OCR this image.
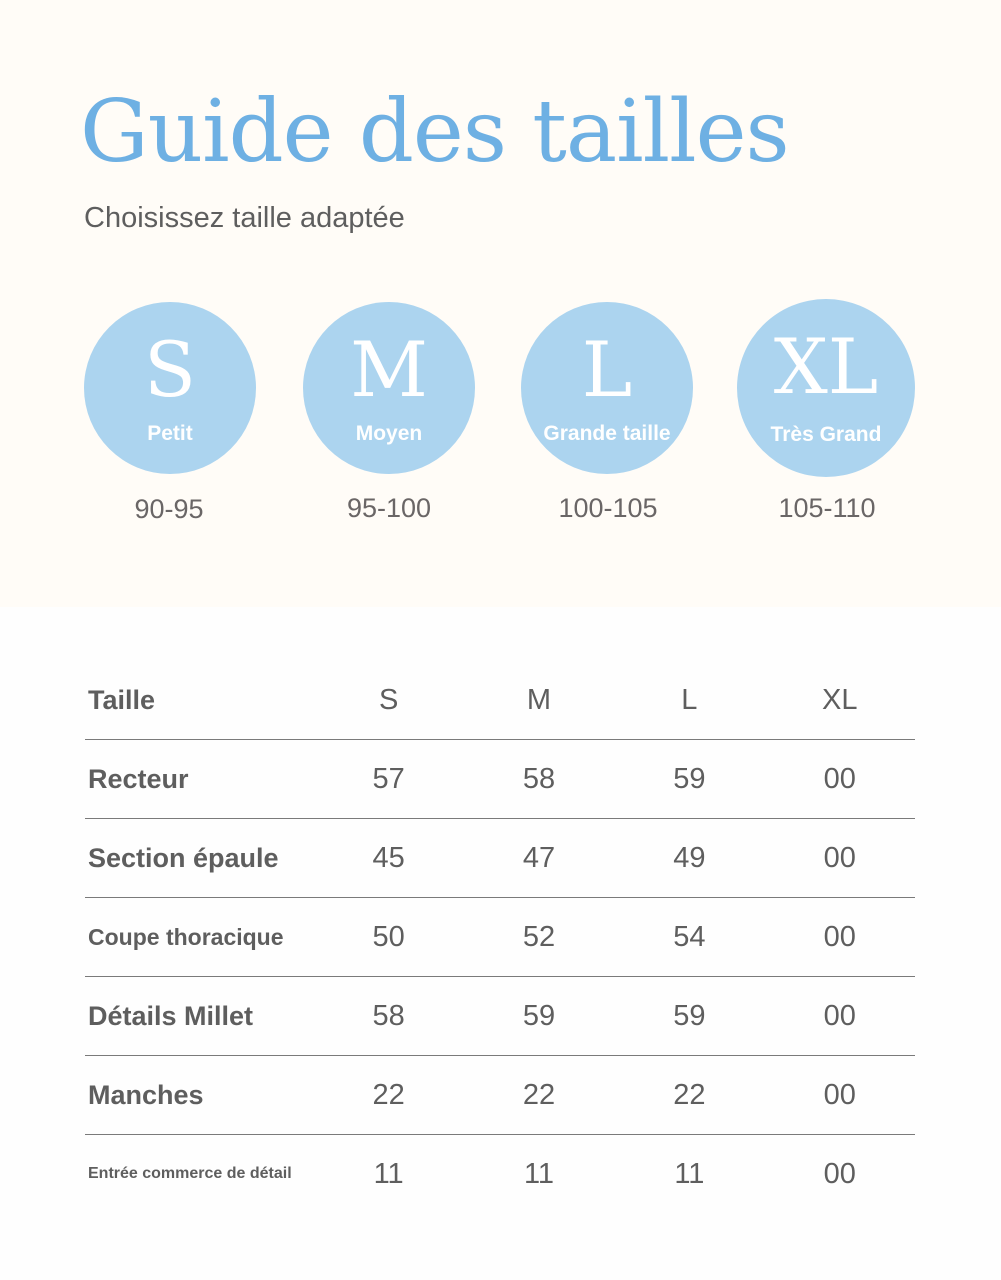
Guide des tailles
Choisissez taille adaptée
S
Petit
M
Moyen
L
Grande taille
XL
Très Grand
90-95	95-100	100-105	105-110
Taille	S	M	L	XL
Recteur	57	58	59	00
Section épaule	45	47	49	00
Coupe thoracique	50	52	54	00
Détails Millet	58	59	59	00
Manches	22	22	22	00
Entrée commerce de détail	11	11	11	00
